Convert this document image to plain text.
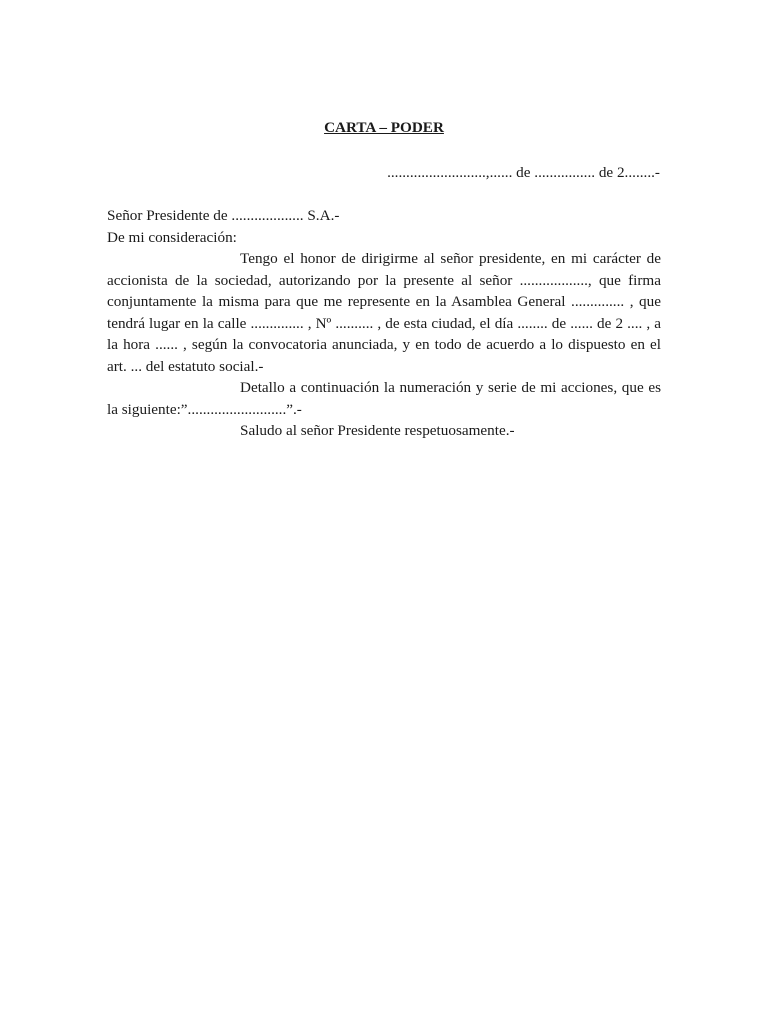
CARTA – PODER
..........................,...... de ................ de 2........-

Señor Presidente de ................... S.A.-

De mi consideración:

Tengo el honor de dirigirme al señor presidente, en mi carácter de accionista de la sociedad, autorizando por la presente al señor .................., que firma conjuntamente la misma para que me represente en la Asamblea General .............. , que tendrá lugar en la calle .............. , Nº .......... , de esta ciudad, el día ........ de ...... de 2 .... , a la hora ...... , según la convocatoria anunciada, y en todo de acuerdo a lo dispuesto en el art. ... del estatuto social.-

Detallo a continuación la numeración y serie de mi acciones, que es la siguiente:”..........................”.-

Saludo al señor Presidente respetuosamente.-
